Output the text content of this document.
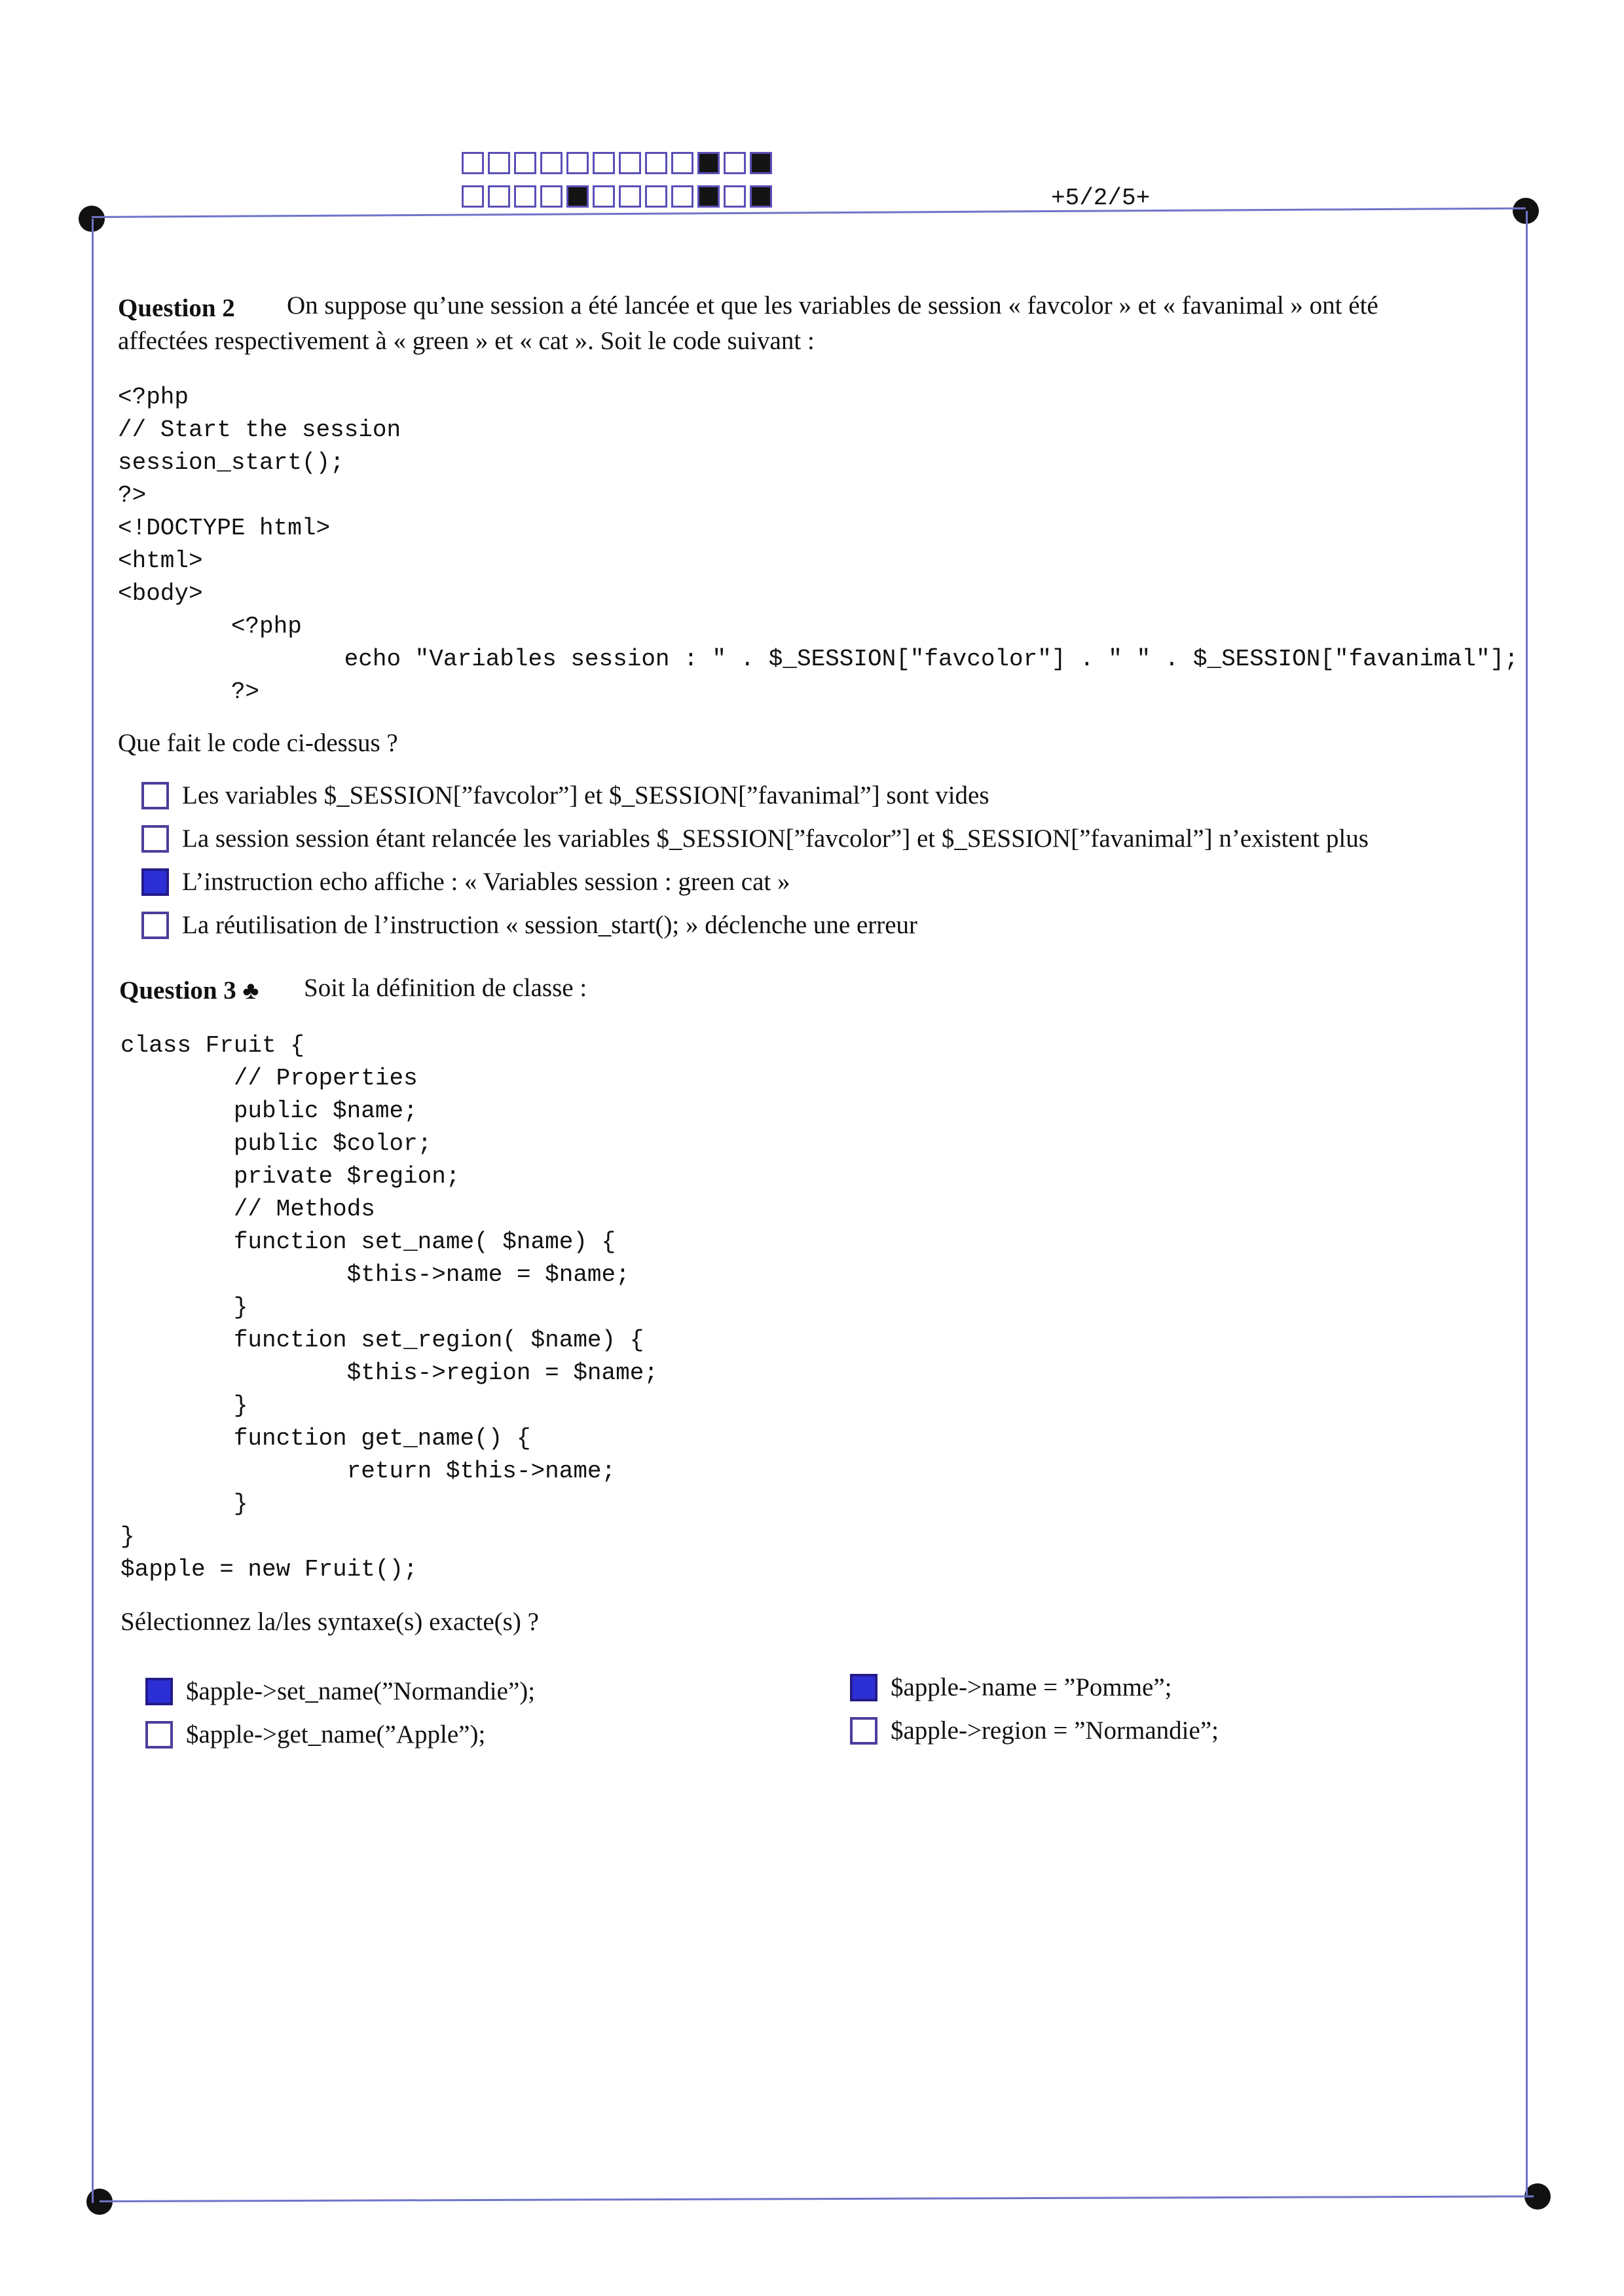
+5/2/5+
Question 2 On suppose qu’une session a été lancée et que les variables de session « favcolor » et « favanimal » ont été
affectées respectivement à « green » et « cat ». Soit le code suivant :
<?php
// Start the session
session_start();
?>
<!DOCTYPE html>
<html>
<body>
<?php
echo "Variables session : " . $_SESSION["favcolor"] . " " . $_SESSION["favanimal"];
?>
Que fait le code ci-dessus ?
Les variables $_SESSION[”favcolor”] et $_SESSION[”favanimal”] sont vides
La session session étant relancée les variables $_SESSION[”favcolor”] et $_SESSION[”favanimal”] n’existent plus
L’instruction echo affiche : « Variables session : green cat »
La réutilisation de l’instruction « session_start(); » déclenche une erreur
Question 3 ♣ Soit la définition de classe :
class Fruit {
// Properties
public $name;
public $color;
private $region;
// Methods
function set_name( $name) {
$this->name = $name;
}
function set_region( $name) {
$this->region = $name;
}
function get_name() {
return $this->name;
}
}
$apple = new Fruit();
Sélectionnez la/les syntaxe(s) exacte(s) ?
$apple->set_name(”Normandie”);
$apple->get_name(”Apple”);
$apple->name = ”Pomme”;
$apple->region = ”Normandie”;
